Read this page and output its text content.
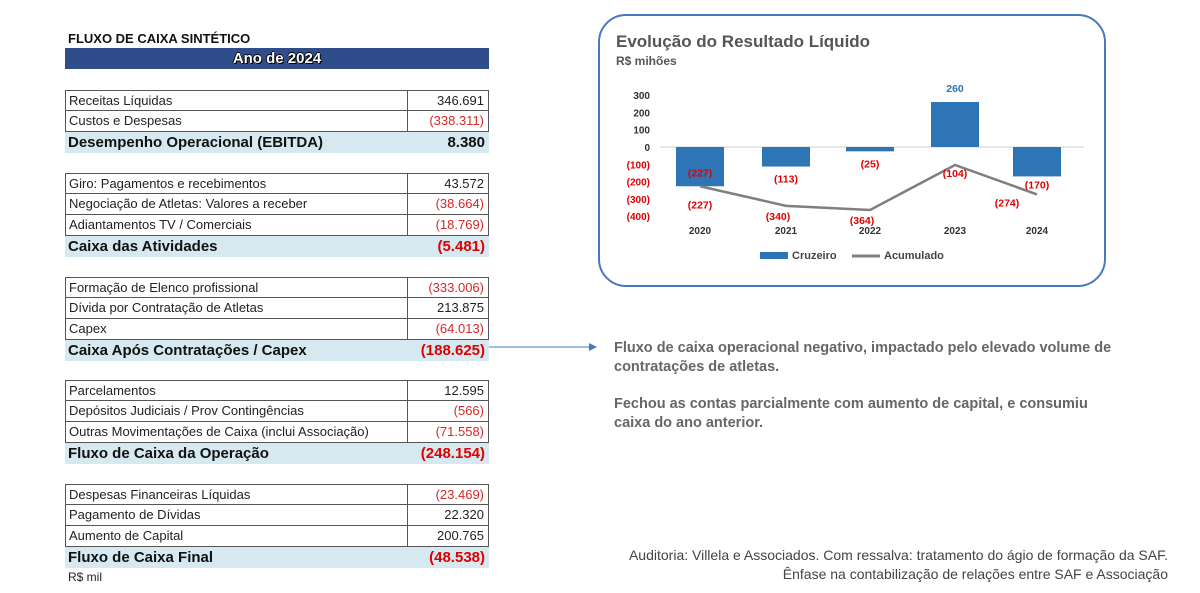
FLUXO DE CAIXA SINTÉTICO
Ano de 2024
Receitas Líquidas	346.691
Custos e Despesas	(338.311)
Desempenho Operacional (EBITDA)	8.380
Giro: Pagamentos e recebimentos	43.572
Negociação de Atletas: Valores a receber	(38.664)
Adiantamentos TV / Comerciais	(18.769)
Caixa das Atividades	(5.481)
Formação de Elenco profissional	(333.006)
Dívida por Contratação de Atletas	213.875
Capex	(64.013)
Caixa Após Contratações / Capex	(188.625)
Parcelamentos	12.595
Depósitos Judiciais / Prov Contingências	(566)
Outras Movimentações de Caixa (inclui Associação)	(71.558)
Fluxo de Caixa da Operação	(248.154)
Despesas Financeiras Líquidas	(23.469)
Pagamento de Dívidas	22.320
Aumento de Capital	200.765
Fluxo de Caixa Final	(48.538)
R$ mil
Evolução do Resultado Líquido
R$ mihões
300
200
100
0
(100)
(200)
(300)
(400)
(227)
(113)
(25)
260
(170)
(227)
(340)	(364)
(104)
(274)
2020	2021	2022	2023	2024
Cruzeiro	Acumulado

Fluxo de caixa operacional negativo, impactado pelo elevado volume de contratações de atletas.

Fechou as contas parcialmente com aumento de capital, e consumiu caixa do ano anterior.

Auditoria: Villela e Associados. Com ressalva: tratamento do ágio de formação da SAF.
Ênfase na contabilização de relações entre SAF e Associação
